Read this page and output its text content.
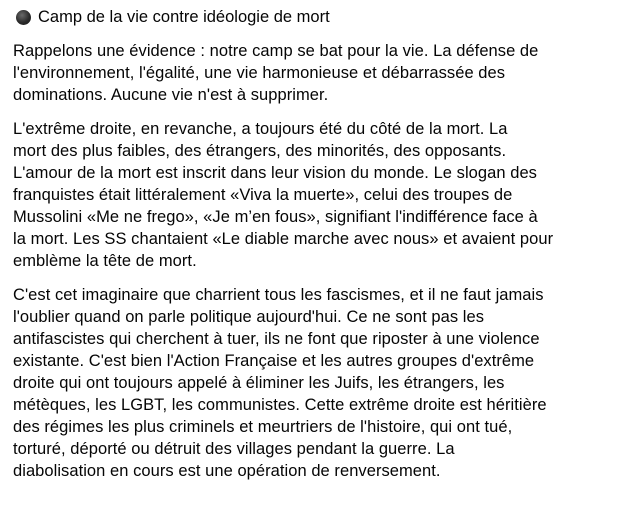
Camp de la vie contre idéologie de mort

Rappelons une évidence : notre camp se bat pour la vie. La défense de
l'environnement, l'égalité, une vie harmonieuse et débarrassée des
dominations. Aucune vie n'est à supprimer.

L'extrême droite, en revanche, a toujours été du côté de la mort. La
mort des plus faibles, des étrangers, des minorités, des opposants.
L'amour de la mort est inscrit dans leur vision du monde. Le slogan des
franquistes était littéralement «Viva la muerte», celui des troupes de
Mussolini «Me ne frego», «Je m’en fous», signifiant l'indifférence face à
la mort. Les SS chantaient «Le diable marche avec nous» et avaient pour
emblème la tête de mort.

C'est cet imaginaire que charrient tous les fascismes, et il ne faut jamais
l'oublier quand on parle politique aujourd'hui. Ce ne sont pas les
antifascistes qui cherchent à tuer, ils ne font que riposter à une violence
existante. C'est bien l'Action Française et les autres groupes d'extrême
droite qui ont toujours appelé à éliminer les Juifs, les étrangers, les
métèques, les LGBT, les communistes. Cette extrême droite est héritière
des régimes les plus criminels et meurtriers de l'histoire, qui ont tué,
torturé, déporté ou détruit des villages pendant la guerre. La
diabolisation en cours est une opération de renversement.
